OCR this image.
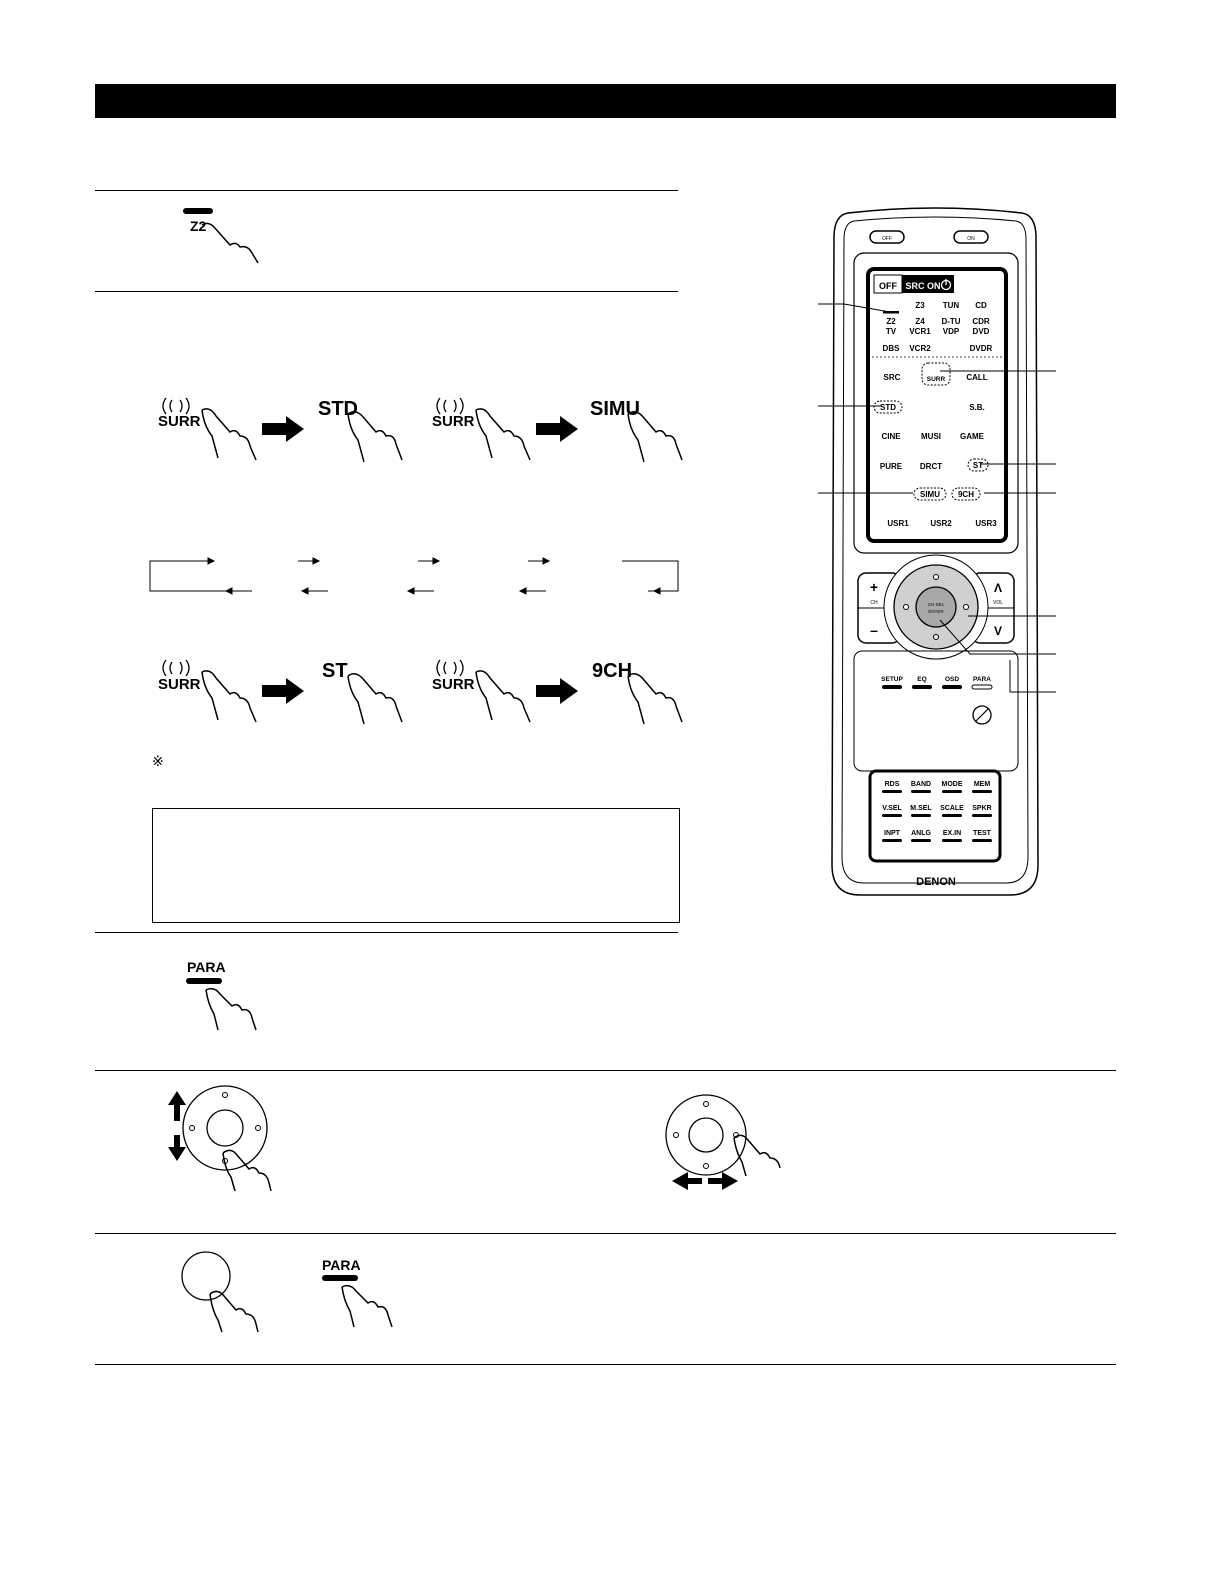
Z2
SURR
STD
SURR
SIMU
SURR
ST
SURR
9CH
※
PARA
PARA
OFF	ON
OFF SRC ON
Z3 TUN CD
Z2 Z4 D-TU CDR
TV VCR1 VDP DVD
DBS VCR2	DVDR
SRC	SURR	CALL
STD	S.B.
CINE	MUSI GAME
PURE DRCT	ST
SIMU 9CH
USR1	USR2	USR3
+
–
CH
Λ
V
VOL
CH SEL
ENTER
SETUP EQ	OSD PARA
RDS BAND MODE MEM
V.SEL M.SEL SCALE SPKR
INPT ANLG EX.IN TEST
DENON
